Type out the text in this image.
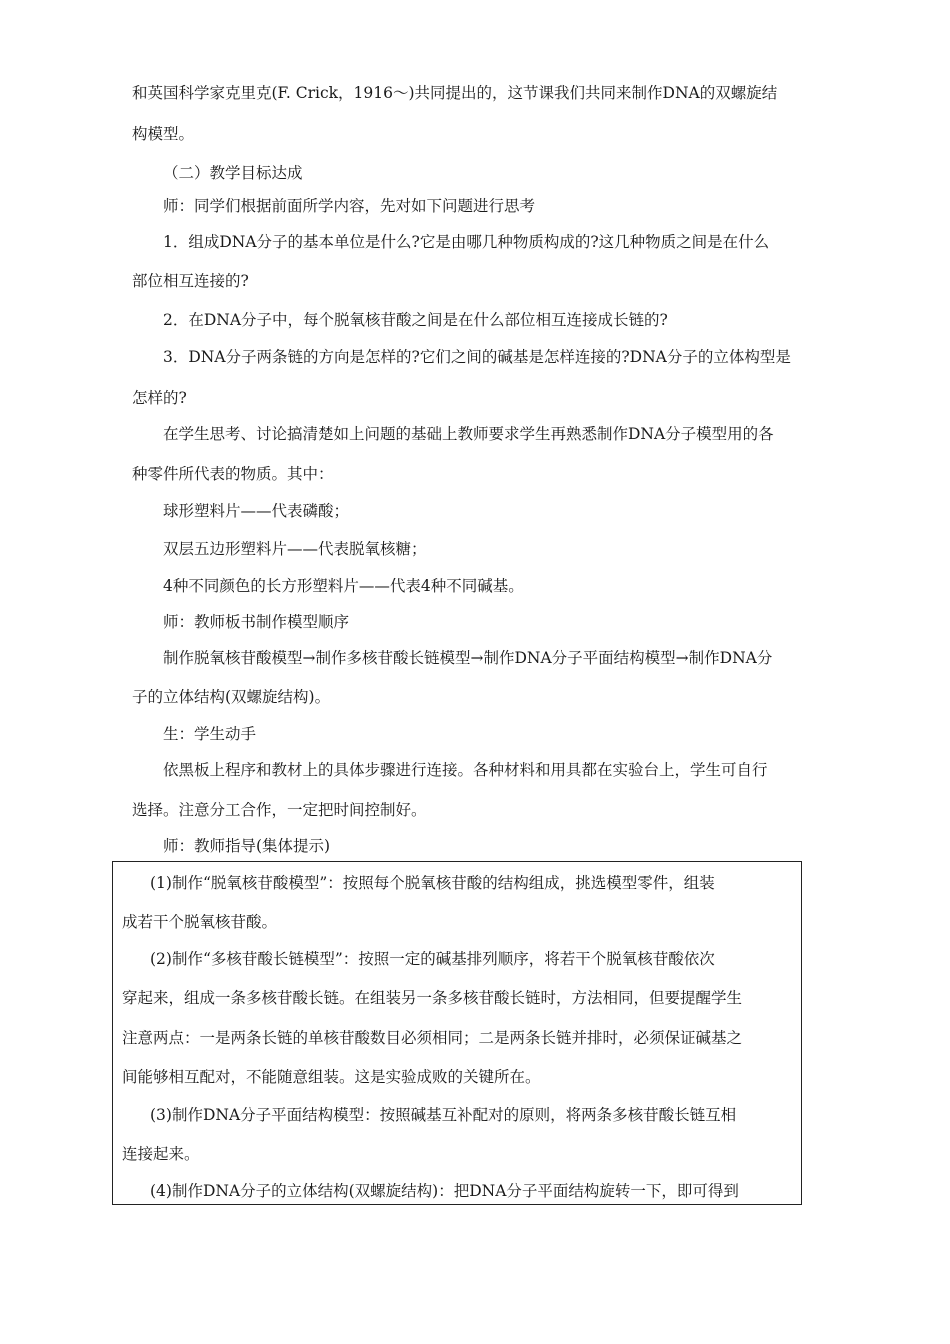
和英国科学家克里克(F. Crick，1916～)共同提出的，这节课我们共同来制作DNA的双螺旋结
构模型。
（二）教学目标达成
师：同学们根据前面所学内容，先对如下问题进行思考
1．组成DNA分子的基本单位是什么?它是由哪几种物质构成的?这几种物质之间是在什么
部位相互连接的?
2．在DNA分子中，每个脱氧核苷酸之间是在什么部位相互连接成长链的?
3．DNA分子两条链的方向是怎样的?它们之间的碱基是怎样连接的?DNA分子的立体构型是
怎样的?
在学生思考、讨论搞清楚如上问题的基础上教师要求学生再熟悉制作DNA分子模型用的各
种零件所代表的物质。其中：
球形塑料片——代表磷酸；
双层五边形塑料片——代表脱氧核糖；
4种不同颜色的长方形塑料片——代表4种不同碱基。
师：教师板书制作模型顺序
制作脱氧核苷酸模型→制作多核苷酸长链模型→制作DNA分子平面结构模型→制作DNA分
子的立体结构(双螺旋结构)。
生：学生动手
依黑板上程序和教材上的具体步骤进行连接。各种材料和用具都在实验台上，学生可自行
选择。注意分工合作，一定把时间控制好。
师：教师指导(集体提示)
(1)制作“脱氧核苷酸模型”：按照每个脱氧核苷酸的结构组成，挑选模型零件，组装
成若干个脱氧核苷酸。
(2)制作“多核苷酸长链模型”：按照一定的碱基排列顺序，将若干个脱氧核苷酸依次
穿起来，组成一条多核苷酸长链。在组装另一条多核苷酸长链时，方法相同，但要提醒学生
注意两点：一是两条长链的单核苷酸数目必须相同；二是两条长链并排时，必须保证碱基之
间能够相互配对，不能随意组装。这是实验成败的关键所在。
(3)制作DNA分子平面结构模型：按照碱基互补配对的原则，将两条多核苷酸长链互相
连接起来。
(4)制作DNA分子的立体结构(双螺旋结构)：把DNA分子平面结构旋转一下，即可得到
